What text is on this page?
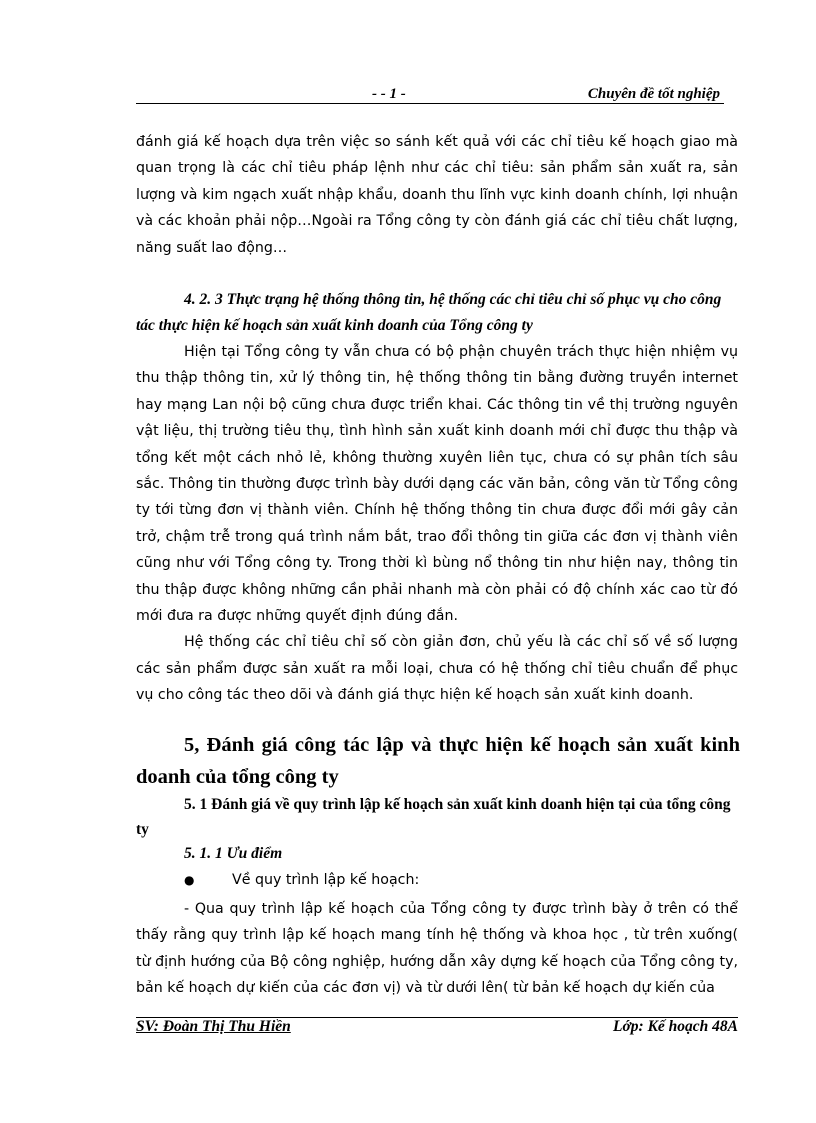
- - 1 -	Chuyên đề tốt nghiệp

đánh giá kế hoạch dựa trên việc so sánh kết quả với các chỉ tiêu kế hoạch giao mà quan trọng là các chỉ tiêu pháp lệnh như các chỉ tiêu: sản phẩm sản xuất ra, sản lượng và kim ngạch xuất nhập khẩu, doanh thu lĩnh vực kinh doanh chính, lợi nhuận và các khoản phải nộp…Ngoài ra Tổng công ty còn đánh giá các chỉ tiêu chất lượng, năng suất lao động…

4. 2. 3 Thực trạng hệ thống thông tin, hệ thống các chỉ tiêu chỉ số phục vụ cho công tác thực hiện kế hoạch sản xuất kinh doanh của Tổng công ty

Hiện tại Tổng công ty vẫn chưa có bộ phận chuyên trách thực hiện nhiệm vụ thu thập thông tin, xử lý thông tin, hệ thống thông tin bằng đường truyền internet hay mạng Lan nội bộ cũng chưa được triển khai. Các thông tin về thị trường nguyên vật liệu, thị trường tiêu thụ, tình hình sản xuất kinh doanh mới chỉ được thu thập và tổng kết một cách nhỏ lẻ, không thường xuyên liên tục, chưa có sự phân tích sâu sắc. Thông tin thường được trình bày dưới dạng các văn bản, công văn từ Tổng công ty tới từng đơn vị thành viên. Chính hệ thống thông tin chưa được đổi mới gây cản trở, chậm trễ trong quá trình nắm bắt, trao đổi thông tin giữa các đơn vị thành viên cũng như với Tổng công ty. Trong thời kì bùng nổ thông tin như hiện nay, thông tin thu thập được không những cần phải nhanh mà còn phải có độ chính xác cao từ đó mới đưa ra được những quyết định đúng đắn.

Hệ thống các chỉ tiêu chỉ số còn giản đơn, chủ yếu là các chỉ số về số lượng các sản phẩm được sản xuất ra mỗi loại, chưa có hệ thống chỉ tiêu chuẩn để phục vụ cho công tác theo dõi và đánh giá thực hiện kế hoạch sản xuất kinh doanh.

5, Đánh giá công tác lập và thực hiện kế hoạch sản xuất kinh doanh của tổng công ty
5. 1 Đánh giá về quy trình lập kế hoạch sản xuất kinh doanh hiện tại của tổng công ty
5. 1. 1 Ưu điểm
●	Về quy trình lập kế hoạch:

- Qua quy trình lập kế hoạch của Tổng công ty được trình bày ở trên có thể thấy rằng quy trình lập kế hoạch mang tính hệ thống và khoa học , từ trên xuống( từ định hướng của Bộ công nghiệp, hướng dẫn xây dựng kế hoạch của Tổng công ty, bản kế hoạch dự kiến của các đơn vị) và từ dưới lên( từ bản kế hoạch dự kiến của

SV: Đoàn Thị Thu Hiền	Lớp: Kế hoạch 48A
